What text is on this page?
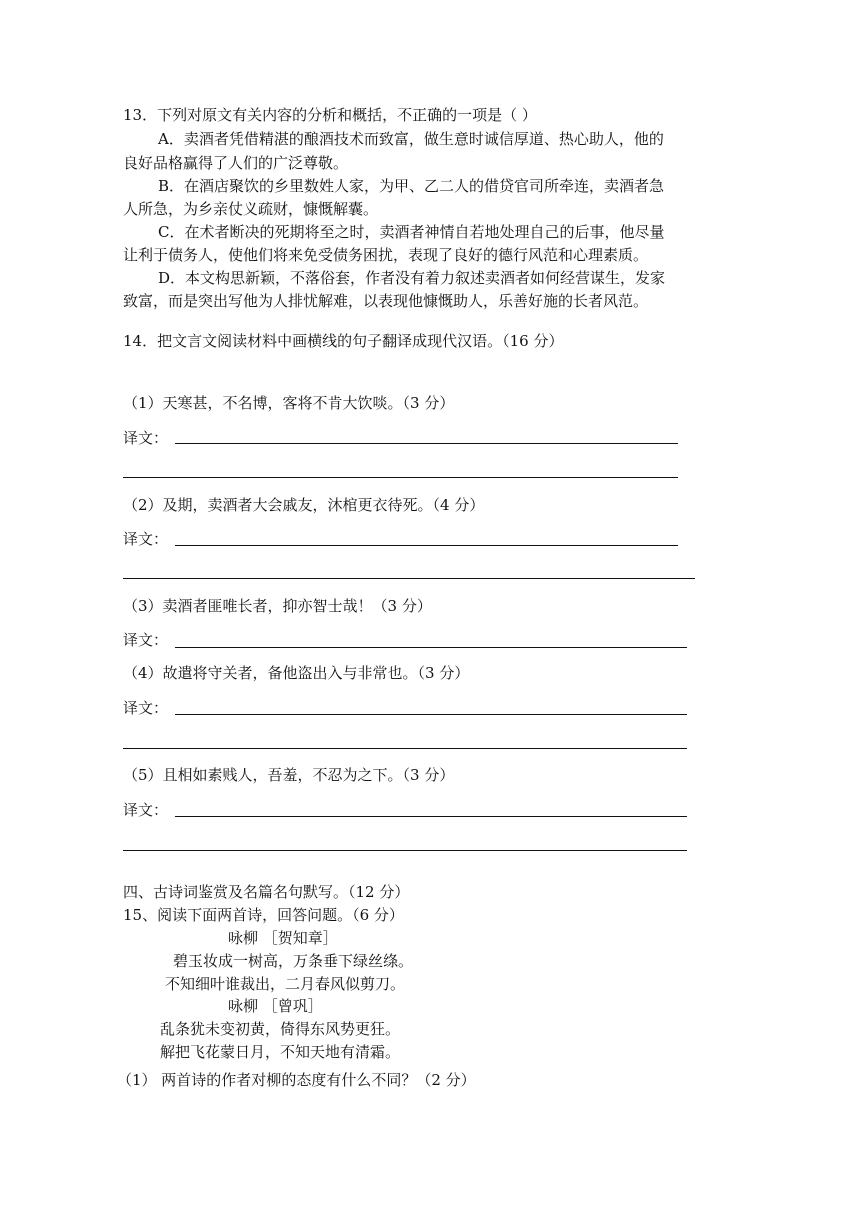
13．下列对原文有关内容的分析和概括，不正确的一项是（ ）
A．卖酒者凭借精湛的酿酒技术而致富，做生意时诚信厚道、热心助人，他的
良好品格赢得了人们的广泛尊敬。
B．在酒店聚饮的乡里数姓人家，为甲、乙二人的借贷官司所牵连，卖酒者急
人所急，为乡亲仗义疏财，慷慨解囊。
C．在术者断决的死期将至之时，卖酒者神情自若地处理自己的后事，他尽量
让利于债务人，使他们将来免受债务困扰，表现了良好的德行风范和心理素质。
D．本文构思新颖，不落俗套，作者没有着力叙述卖酒者如何经营谋生，发家
致富，而是突出写他为人排忧解难，以表现他慷慨助人，乐善好施的长者风范。
14．把文言文阅读材料中画横线的句子翻译成现代汉语。（16 分）
（1）天寒甚，不名博，客将不肯大饮啖。（3 分）
译文：
（2）及期，卖酒者大会戚友，沐棺更衣待死。（4 分）
译文：
（3）卖酒者匪唯长者，抑亦智士哉！（3 分）
译文：
（4）故遣将守关者，备他盗出入与非常也。（3 分）
译文：
（5）且相如素贱人，吾羞，不忍为之下。（3 分）
译文：
四、古诗词鉴赏及名篇名句默写。（12 分）
15、阅读下面两首诗，回答问题。（6 分）
咏柳 ［贺知章］
碧玉妆成一树高，万条垂下绿丝绦。
不知细叶谁裁出，二月春风似剪刀。
咏柳 ［曾巩］
乱条犹未变初黄，倚得东风势更狂。
解把飞花蒙日月，不知天地有清霜。
（1） 两首诗的作者对柳的态度有什么不同？（2 分）
